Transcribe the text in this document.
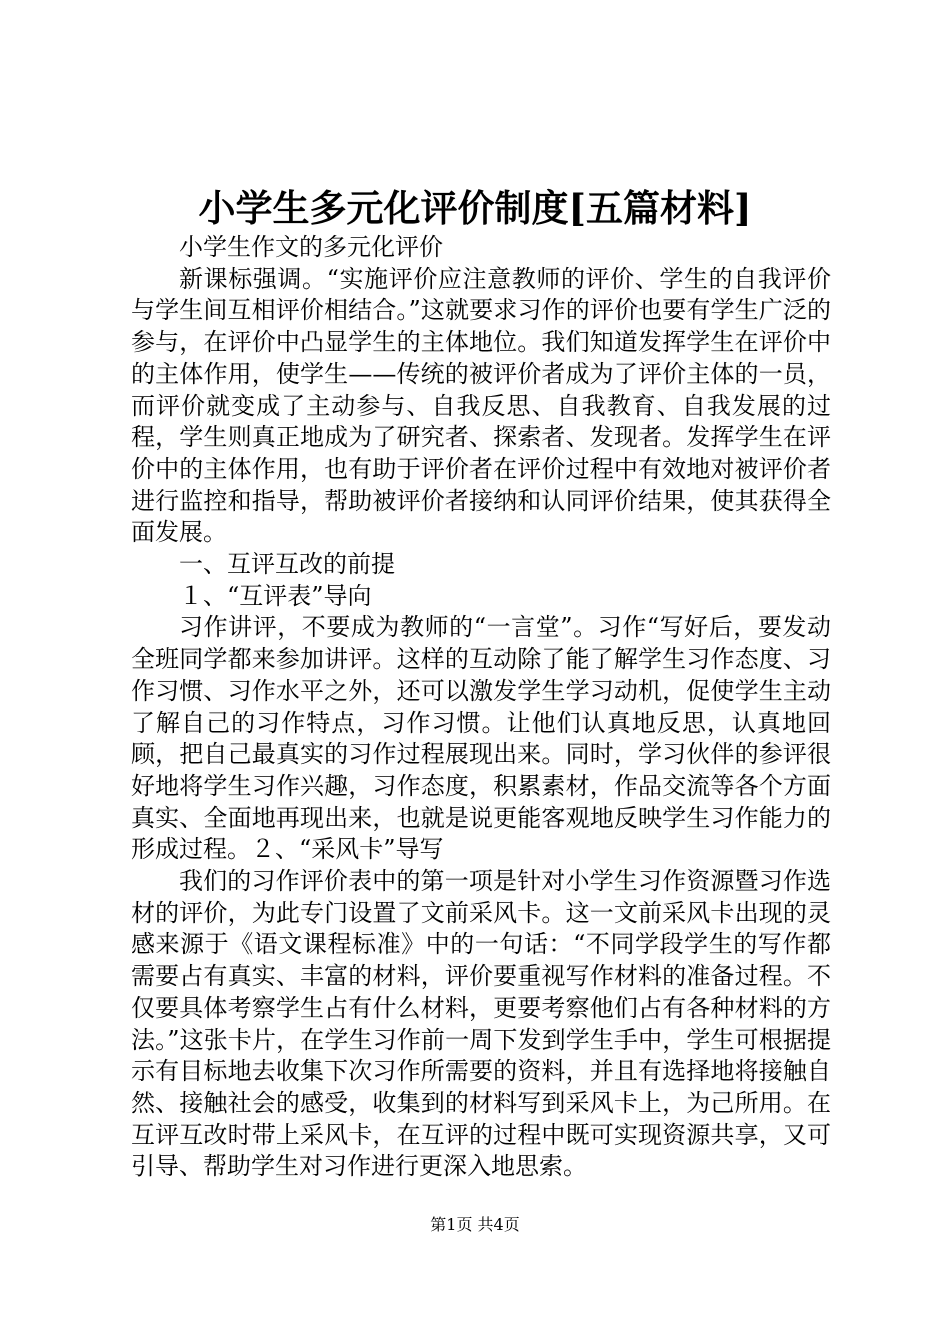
小学生多元化评价制度[五篇材料]

小学生作文的多元化评价

新课标强调。“实施评价应注意教师的评价、学生的自我评价与学生间互相评价相结合。”这就要求习作的评价也要有学生广泛的参与，在评价中凸显学生的主体地位。我们知道发挥学生在评价中的主体作用，使学生——传统的被评价者成为了评价主体的一员，而评价就变成了主动参与、自我反思、自我教育、自我发展的过程，学生则真正地成为了研究者、探索者、发现者。发挥学生在评价中的主体作用，也有助于评价者在评价过程中有效地对被评价者进行监控和指导，帮助被评价者接纳和认同评价结果，使其获得全面发展。

一、互评互改的前提

１、“互评表”导向

习作讲评，不要成为教师的“一言堂”。习作“写好后，要发动全班同学都来参加讲评。这样的互动除了能了解学生习作态度、习作习惯、习作水平之外，还可以激发学生学习动机，促使学生主动了解自己的习作特点，习作习惯。让他们认真地反思，认真地回顾，把自己最真实的习作过程展现出来。同时，学习伙伴的参评很好地将学生习作兴趣，习作态度，积累素材，作品交流等各个方面真实、全面地再现出来，也就是说更能客观地反映学生习作能力的形成过程。２、“采风卡”导写

我们的习作评价表中的第一项是针对小学生习作资源暨习作选材的评价，为此专门设置了文前采风卡。这一文前采风卡出现的灵感来源于《语文课程标准》中的一句话：“不同学段学生的写作都需要占有真实、丰富的材料，评价要重视写作材料的准备过程。不仅要具体考察学生占有什么材料，更要考察他们占有各种材料的方法。”这张卡片，在学生习作前一周下发到学生手中，学生可根据提示有目标地去收集下次习作所需要的资料，并且有选择地将接触自然、接触社会的感受，收集到的材料写到采风卡上，为己所用。在互评互改时带上采风卡，在互评的过程中既可实现资源共享，又可引导、帮助学生对习作进行更深入地思索。

第1页 共4页
